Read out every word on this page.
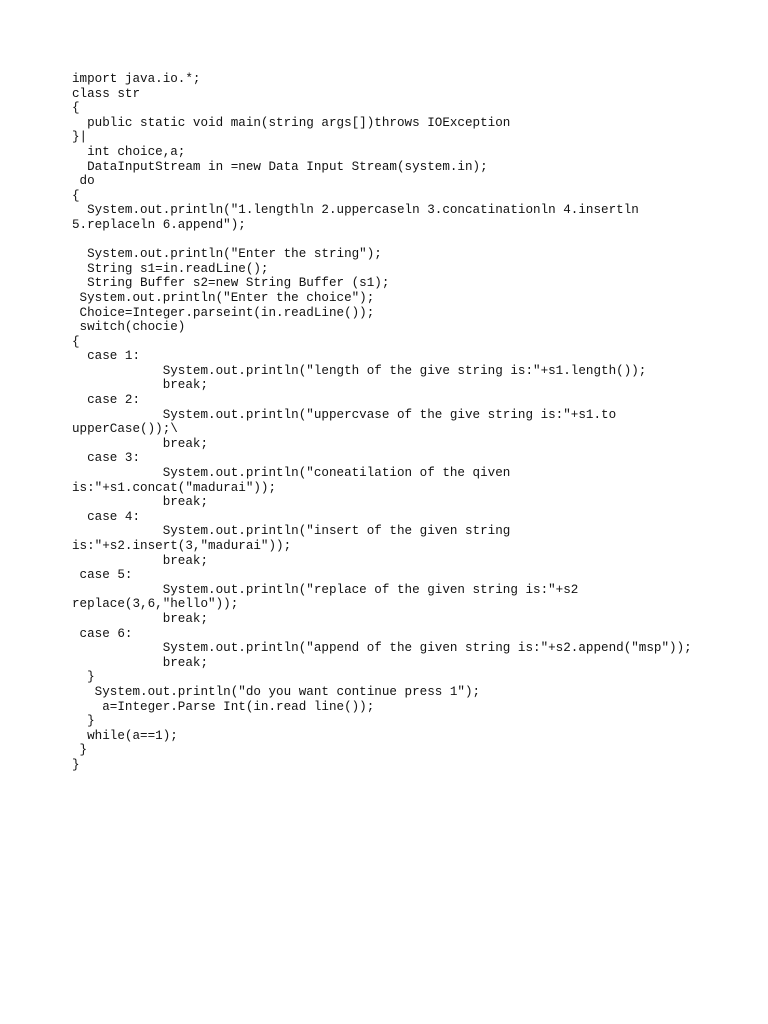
import java.io.*;
class str
{
public static void main(string args[])throws IOException
}|
int choice,a;
DataInputStream in =new Data Input Stream(system.in);
do
{
System.out.println("1.lengthln 2.uppercaseln 3.concatinationln 4.insertln
5.replaceln 6.append");
System.out.println("Enter the string");
String s1=in.readLine();
String Buffer s2=new String Buffer (s1);
System.out.println("Enter the choice");
Choice=Integer.parseint(in.readLine());
switch(chocie)
{
case 1:
System.out.println("length of the give string is:"+s1.length());
break;
case 2:
System.out.println("uppercvase of the give string is:"+s1.to
upperCase());\
break;
case 3:
System.out.println("coneatilation of the qiven
is:"+s1.concat("madurai"));
break;
case 4:
System.out.println("insert of the given string
is:"+s2.insert(3,"madurai"));
break;
case 5:
System.out.println("replace of the given string is:"+s2
replace(3,6,"hello"));
break;
case 6:
System.out.println("append of the given string is:"+s2.append("msp"));
break;
}
System.out.println("do you want continue press 1");
a=Integer.Parse Int(in.read line());
}
while(a==1);
}
}
